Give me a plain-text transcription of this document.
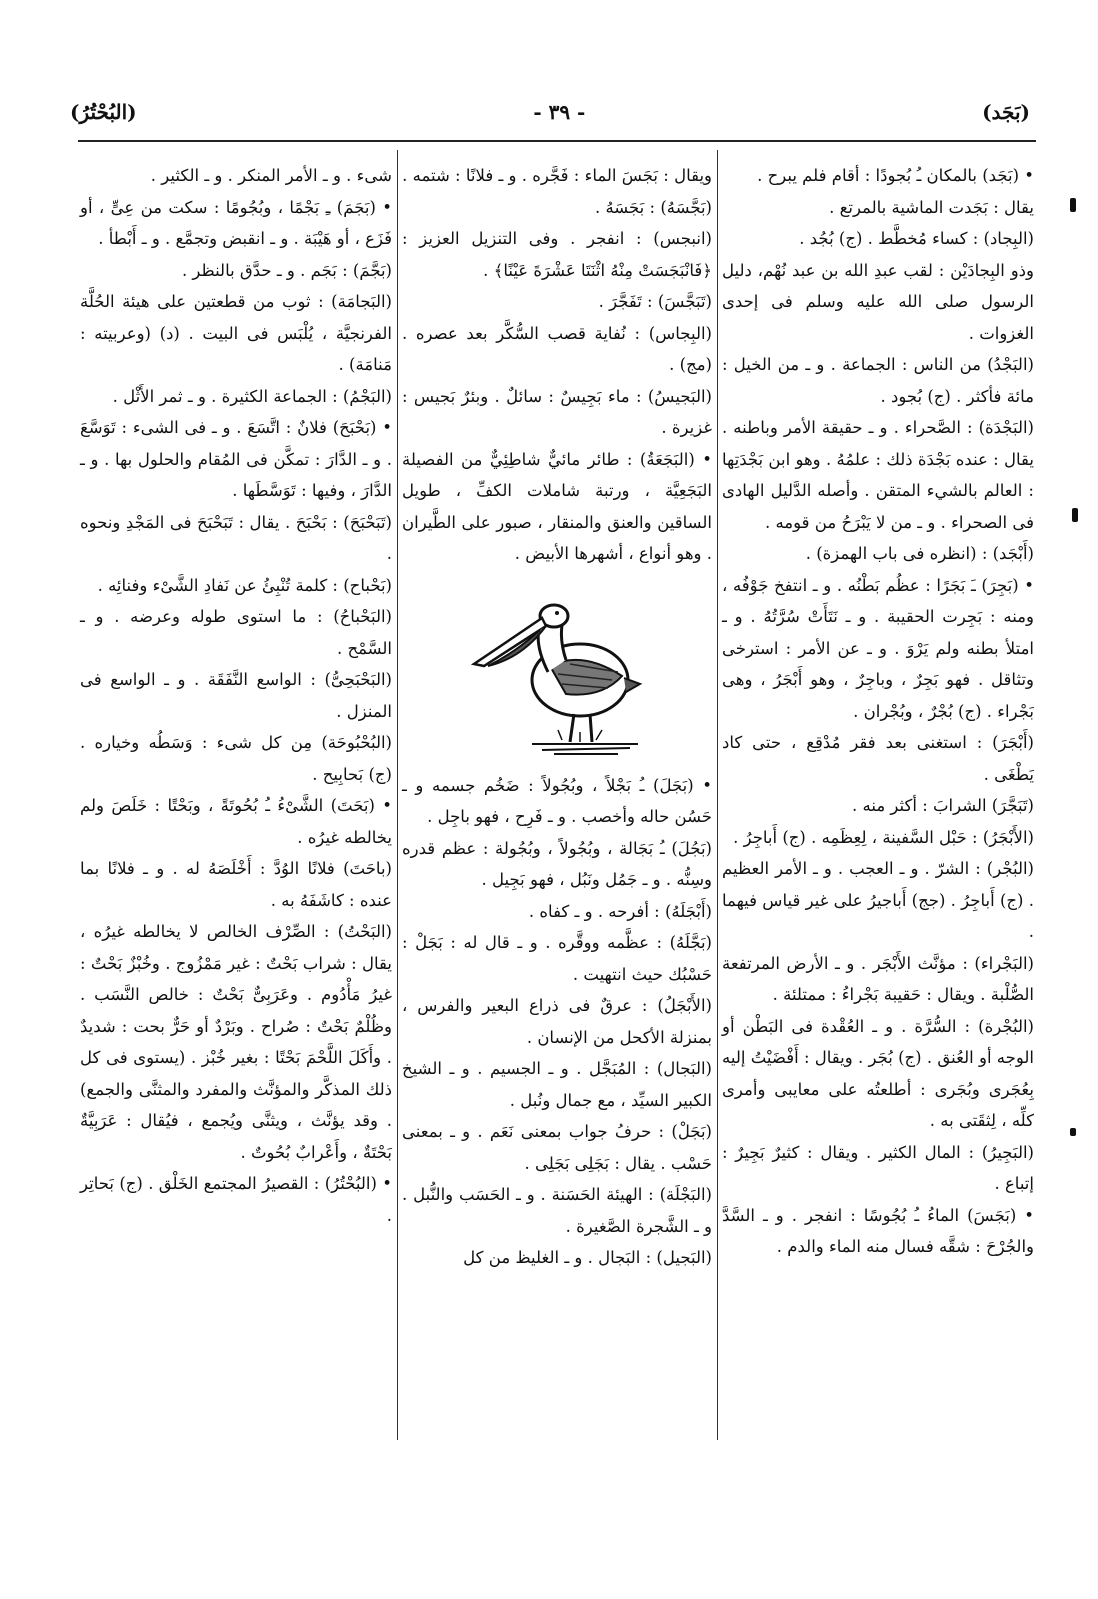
(البُحْتُرُ)	- ٣٩ -	(بَجَد)

• (بَجَد) بالمكان ـُ بُجودًا : أقام فلم يبرح .

يقال : بَجَدت الماشية بالمرتع .

(البِجاد) : كساء مُخطَّط . (ج) بُجُد .

وذو البِجادَيْن : لقب عبدِ الله بن عبد نُهْم، دليل الرسول صلى الله عليه وسلم فى إحدى الغزوات .

(البَجْدُ) من الناس : الجماعة . و ـ من الخيل : مائة فأكثر . (ج) بُجود .

(البَجْدَة) : الصَّحراء . و ـ حقيقة الأمر وباطنه . يقال : عنده بَجْدَة ذلك : علمُهُ . وهو ابن بَجْدَتِها : العالم بالشيء المتقن . وأصله الدَّليل الهادى فى الصحراء . و ـ من لا يَبْرَحُ من قومه .

(أَبْجَد) : (انظره فى باب الهمزة) .

• (بَجِرَ) ـَ بَجَرًا : عظُم بَطْنُه . و ـ انتفخ جَوْفُه ، ومنه : بَجِرت الحقيبة . و ـ نَتَأَتْ سُرَّتُهُ . و ـ امتلأ بطنه ولم يَرْوَ . و ـ عن الأمر : استرخى وتثاقل . فهو بَجِرٌ ، وباجِرٌ ، وهو أَبْجَرُ ، وهى بَجْراء . (ج) بُجْرٌ ، وبُجْران .

(أَبْجَرَ) : استغنى بعد فقر مُدْقِع ، حتى كاد يَطْغَى .

(تَبَجَّرَ) الشرابَ : أكثر منه .

(الأَبْجَرُ) : حَبْل السَّفينة ، لِعِظَمِه . (ج) أَباجِرُ .

(البُجْر) : الشرّ . و ـ العجب . و ـ الأمر العظيم . (ج) أَباجِرُ . (جج) أَباجيرُ على غير قياس فيهما .

(البَجْراء) : مؤنَّث الأَبْجَر . و ـ الأرض المرتفعة الصُّلْبة . ويقال : حَقيبة بَجْراءُ : ممتلئة .

(البُجْرة) : السُّرَّة . و ـ العُقْدة فى البَطْن أو الوجه أو العُنق . (ج) بُجَر . ويقال : أَفْضَيْتُ إليه بِعُجَرى وبُجَرى : أطلعتُه على معايبى وأمرى كلِّه ، لِثقَتى به .

(البَجِيرُ) : المال الكثير . ويقال : كثيرٌ بَجِيرٌ : إتباع .

• (بَجَسَ) الماءُ ـُ بُجُوسًا : انفجر . و ـ السَّدَّ والجُرْحَ : شقَّه فسال منه الماء والدم .

ويقال : بَجَسَ الماء : فَجَّره . و ـ فلانًا : شتمه .

(بَجَّسَهُ) : بَجَسَهُ .

(انبجس) : انفجر . وفى التنزيل العزيز : ﴿فَانْبَجَسَتْ مِنْهُ اثْنَتَا عَشْرَةَ عَيْنًا﴾ .

(تَبَجَّسَ) : تَفَجَّرَ .

(البِجاس) : نُفاية قصب السُّكَّر بعد عصره . (مج) .

(البَجيسُ) : ماء بَجِيسٌ : سائلٌ . وبئرٌ بَجيس : غزيرة .

• (البَجَعَةُ) : طائر مائيٌّ شاطِئِيٌّ من الفصيلة البَجَعِيَّة ، ورتبة شاملات الكفِّ ، طويل الساقين والعنق والمنقار ، صبور على الطَّيران . وهو أنواع ، أشهرها الأبيض .

• (بَجَلَ) ـُ بَجْلاً ، وبُجُولاً : ضَخُم جسمه و ـ حَسُن حاله وأخصب . و ـ فَرِح ، فهو باجِل .

(بَجُلَ) ـُ بَجَالة ، وبُجُولاً ، وبُجُولة : عظم قدره وسِنُّه . و ـ جَمُل ونَبُل ، فهو بَجِيل .

(أَبْجَلَهُ) : أفرحه . و ـ كفاه .

(بَجَّلَهُ) : عظَّمه ووقَّره . و ـ قال له : بَجَلْ : حَسْبُك حيث انتهيت .

(الأَبْجَلُ) : عرقٌ فى ذراع البعير والفرس ، بمنزلة الأكحل من الإنسان .

(البَجال) : المُبَجَّل . و ـ الجسيم . و ـ الشيخ الكبير السيِّد ، مع جمال ونُبل .

(بَجَلْ) : حرفُ جواب بمعنى نَعَم . و ـ بمعنى حَسْب . يقال : بَجَلِى بَجَلِى .

(البَجْلَة) : الهيئة الحَسَنة . و ـ الحَسَب والنُّبل . و ـ الشَّجرة الصَّغيرة .

(البَجيل) : البَجال . و ـ الغليظ من كل

شىء . و ـ الأمر المنكر . و ـ الكثير .

• (بَجَمَ) ـِ بَجْمًا ، وبُجُومًا : سكت من عِىٍّ ، أو فَزَع ، أو هَيْبَة . و ـ انقبض وتجمَّع . و ـ أَبْطأ .

(بَجَّمَ) : بَجَم . و ـ حدَّق بالنظر .

(البَجامَة) : ثوب من قطعتين على هيئة الحُلَّة الفرنجيَّة ، يُلْبَس فى البيت . (د) (وعربيته : مَنامَة) .

(البَجْمُ) : الجماعة الكثيرة . و ـ ثمر الأَثْل .

• (بَحْبَحَ) فلانٌ : اتَّسَعَ . و ـ فى الشىء : تَوَسَّعَ . و ـ الدَّارَ : تمكَّن فى المُقام والحلول بها . و ـ الدَّارَ ، وفيها : تَوَسَّطَها .

(تَبَحْبَحَ) : بَحْبَحَ . يقال : تَبَحْبَحَ فى المَجْدِ ونحوه .

(بَحْباح) : كلمة تُنْبِئُ عن نَفادِ الشَّىْء وفنائِه .

(البَحْباحُ) : ما استوى طوله وعرضه . و ـ السَّمْح .

(البَحْبَحِىُّ) : الواسع النَّفَقَة . و ـ الواسع فى المنزل .

(البُحْبُوحَة) مِن كل شىء : وَسَطُه وخياره . (ج) بَحابِيح .

• (بَحَتَ) الشَّىْءُ ـُ بُحُوتَةً ، وبَحْتًا : خَلَصَ ولم يخالطه غيرُه .

(باحَتَ) فلانًا الوُدَّ : أَخْلَصَهُ له . و ـ فلانًا بما عنده : كاشَفَهُ به .

(البَحْتُ) : الصِّرْف الخالص لا يخالطه غيرُه ، يقال : شراب بَحْتٌ : غير مَمْزُوج . وخُبْزٌ بَحْتٌ : غيرُ مَأْدُوم . وعَرَبِىٌّ بَحْتٌ : خالص النَّسَب . وظُلْمٌ بَحْتٌ : صُراح . وبَرْدٌ أو حَرٌّ بحت : شديدٌ . وأَكَلَ اللَّحْمَ بَحْتًا : بغير خُبْز . (يستوى فى كل ذلك المذكَّر والمؤنَّث والمفرد والمثنَّى والجمع) . وقد يؤنَّث ، ويثنَّى ويُجمع ، فيُقال : عَرَبِيَّةٌ بَحْتَةٌ ، وأَعْرابٌ بُحُوتٌ .

• (البُحْتُرُ) : القصيرُ المجتمع الخَلْق . (ج) بَحاتِر .
